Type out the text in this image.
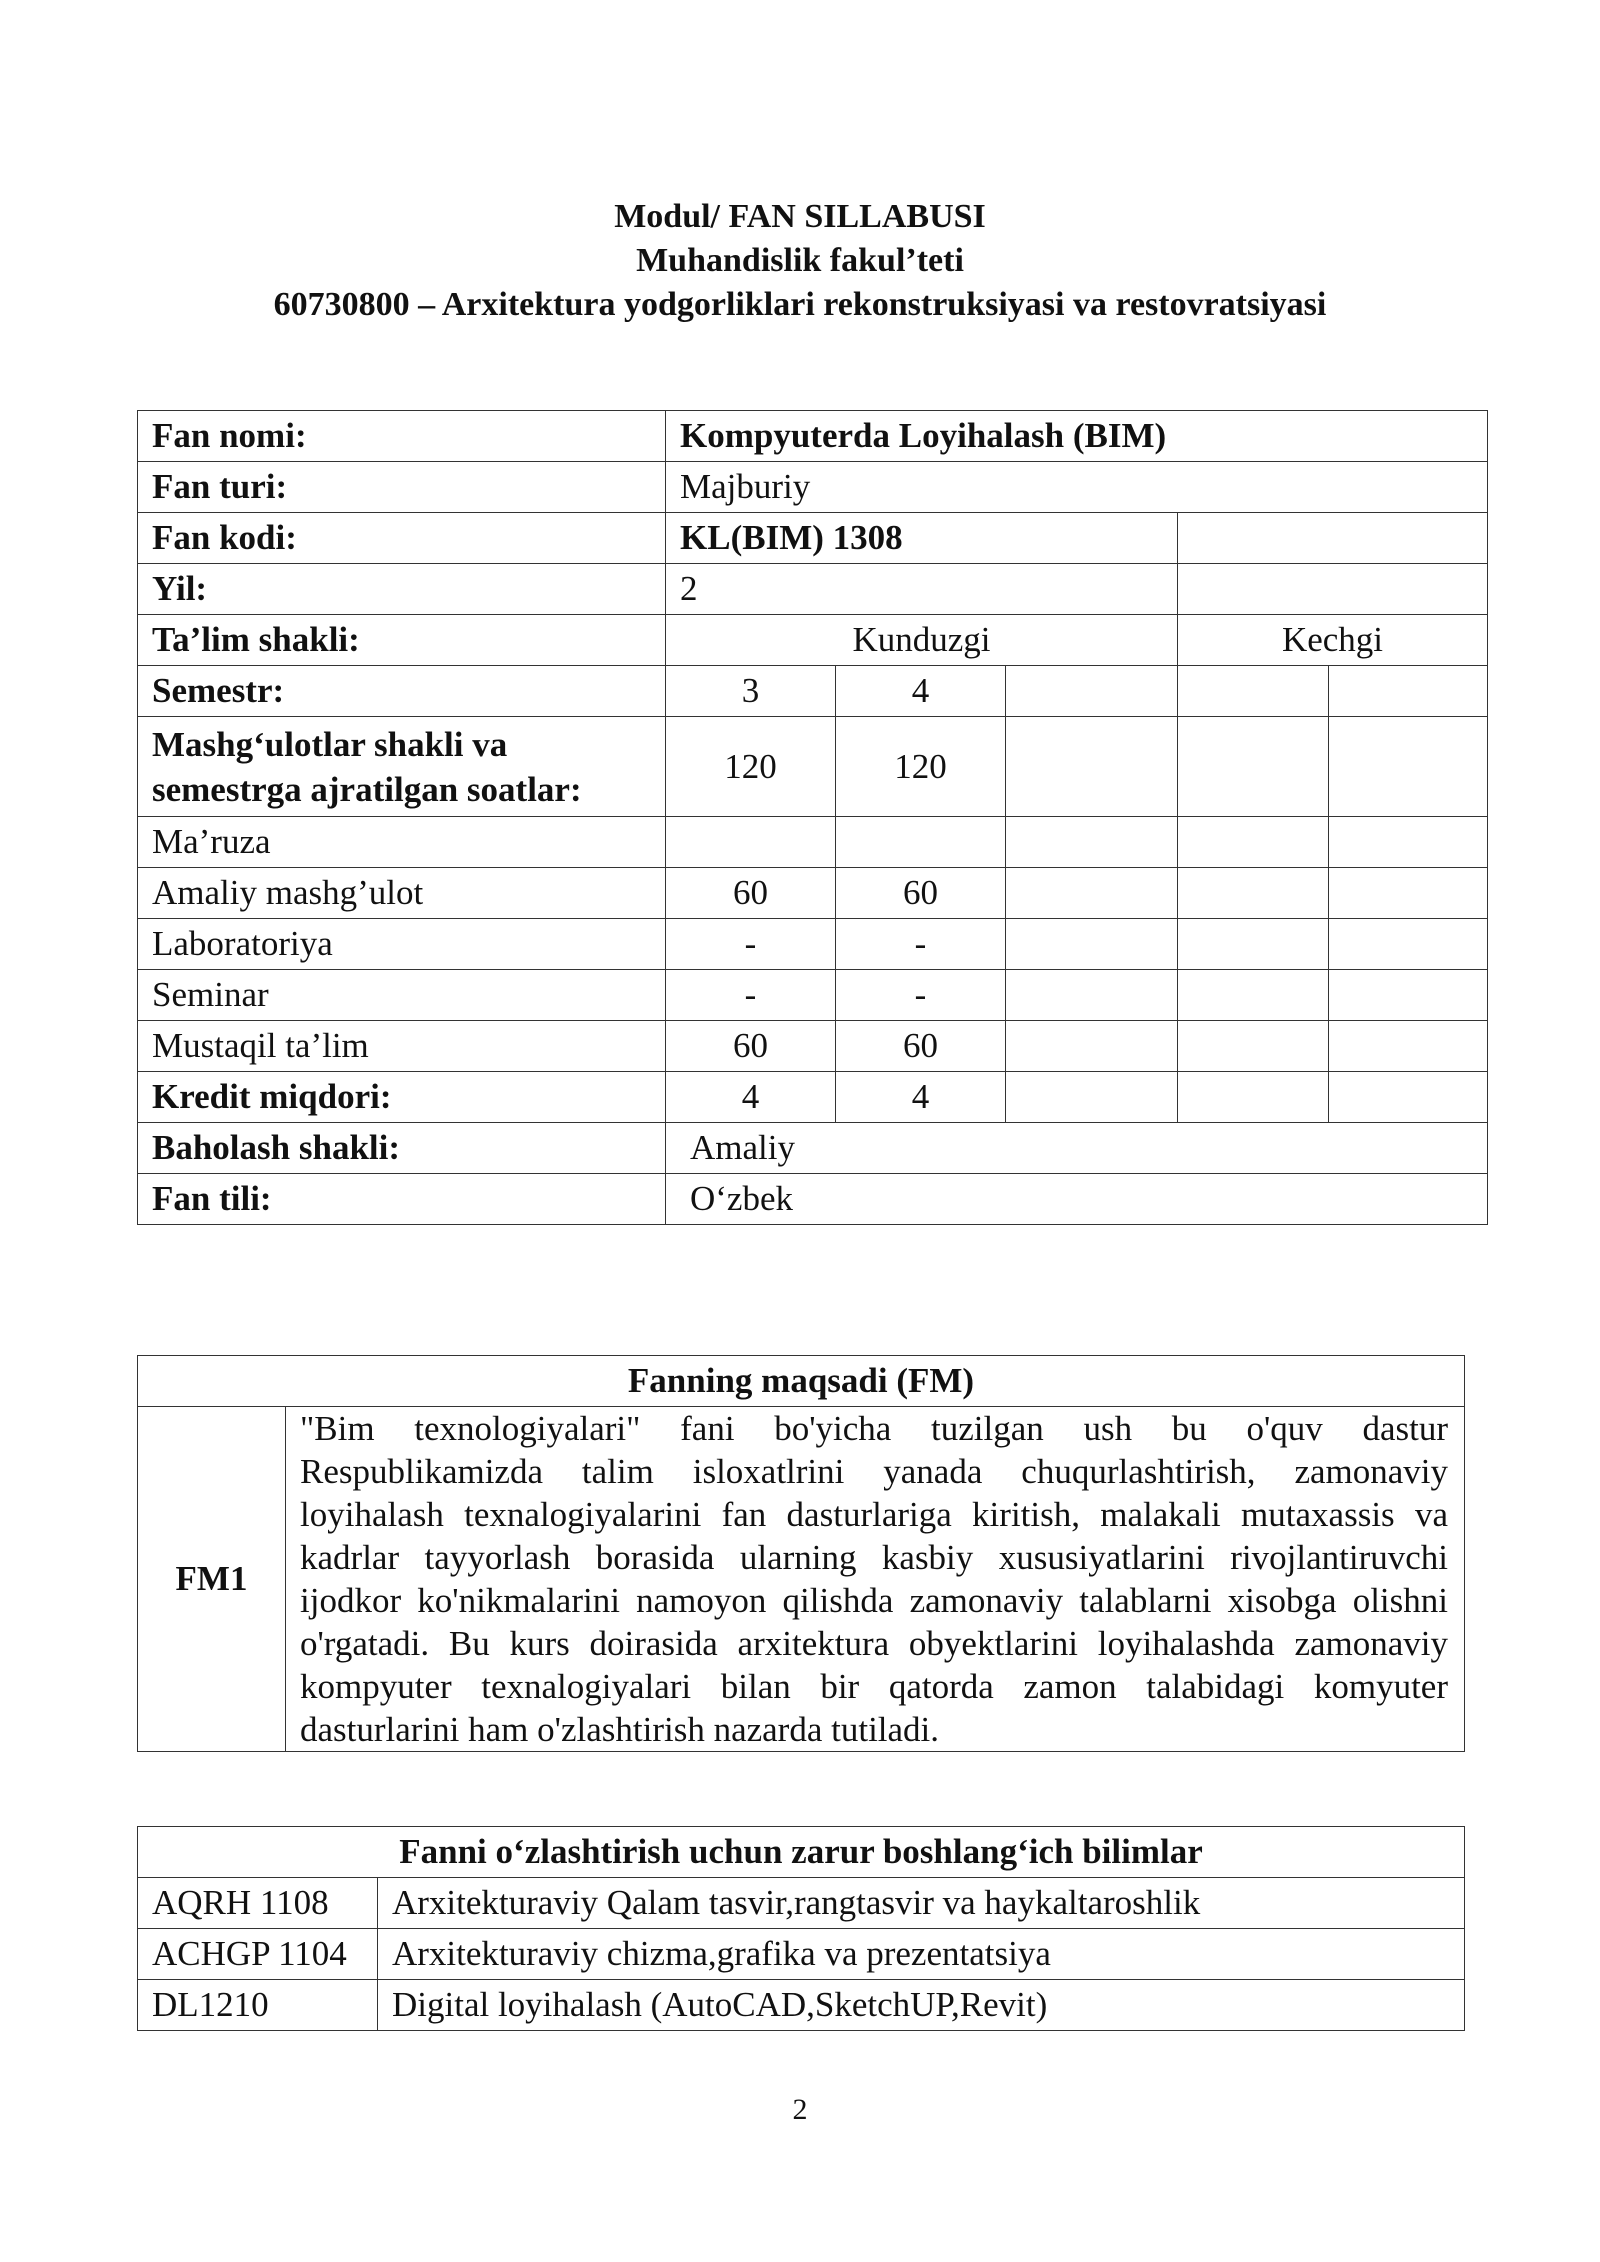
Modul/ FAN SILLABUSI
Muhandislik fakul’teti
60730800 – Arxitektura yodgorliklari rekonstruksiyasi va restovratsiyasi
Fan nomi:	Kompyuterda Loyihalash (BIM)				
Fan turi:	Majburiy				
Fan kodi:	KL(BIM) 1308				
Yil:	2				
Ta’lim shakli:	Kunduzgi			Kechgi	
Semestr:	3	4			
Mashg‘ulotlar shakli va semestrga ajratilgan soatlar:	120	120			
Ma’ruza					
Amaliy mashg’ulot	60	60			
Laboratoriya	-	-			
Seminar	-	-			
Mustaqil ta’lim	60	60			
Kredit miqdori:	4	4			
Baholash shakli:	Amaliy				
Fan tili:	O‘zbek				
Fanning maqsadi (FM)
FM1	"Bim texnologiyalari" fani bo'yicha tuzilgan ush bu o'quv dastur Respublikamizda talim isloxatlrini yanada chuqurlashtirish, zamonaviy loyihalash texnalogiyalarini fan dasturlariga kiritish, malakali mutaxassis va kadrlar tayyorlash borasida ularning kasbiy xususiyatlarini rivojlantiruvchi ijodkor ko'nikmalarini namoyon qilishda zamonaviy talablarni xisobga olishni o'rgatadi. Bu kurs doirasida arxitektura obyektlarini loyihalashda zamonaviy kompyuter texnalogiyalari bilan bir qatorda zamon talabidagi komyuter dasturlarini ham o'zlashtirish nazarda tutiladi.
Fanni o‘zlashtirish uchun zarur boshlang‘ich bilimlar	
AQRH 1108	Arxitekturaviy Qalam tasvir,rangtasvir va haykaltaroshlik
ACHGP 1104	Arxitekturaviy chizma,grafika va prezentatsiya
DL1210	Digital loyihalash (AutoCAD,SketchUP,Revit)
2
